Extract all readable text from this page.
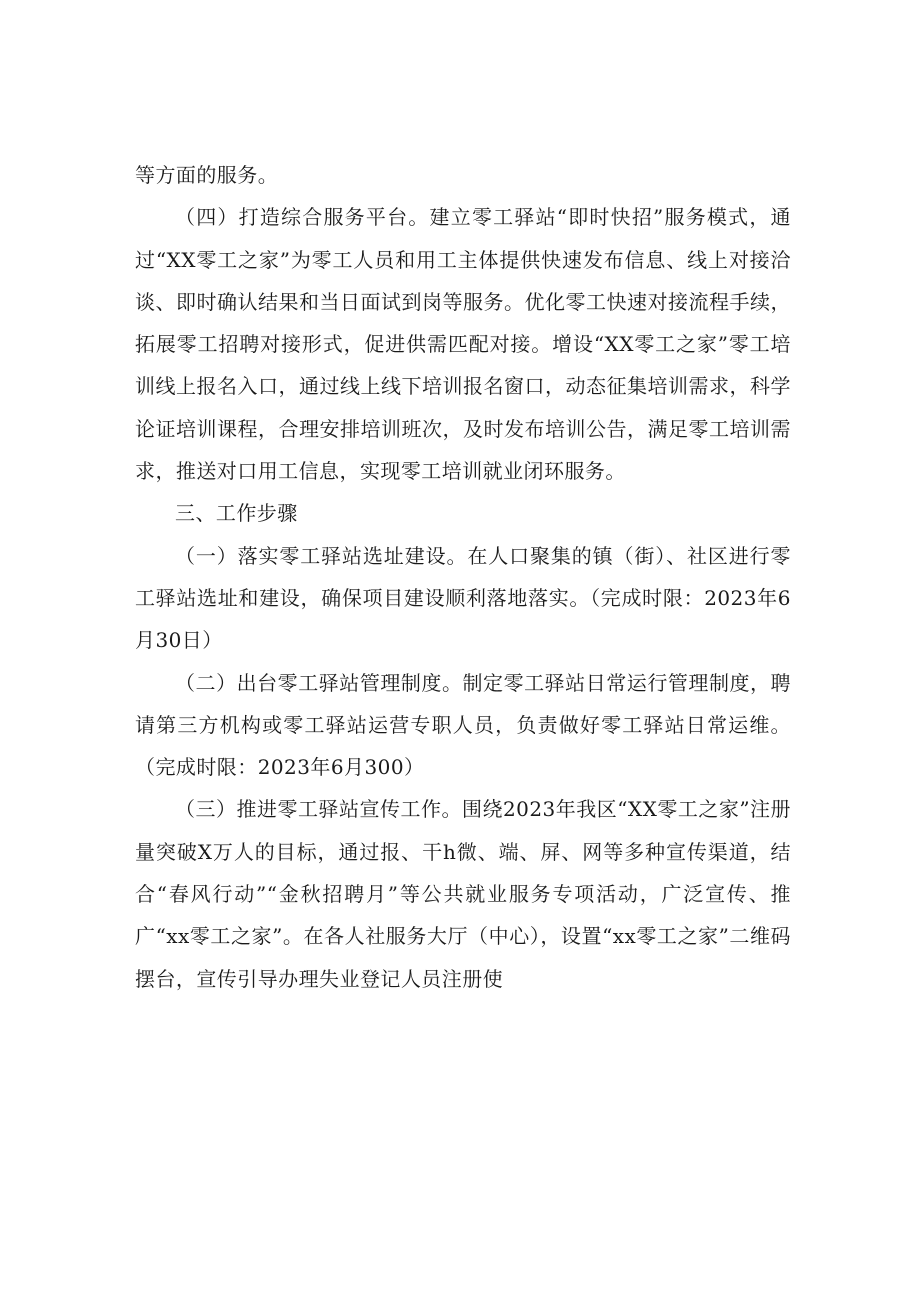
等方面的服务。

（四）打造综合服务平台。建立零工驿站“即时快招”服务模式，通过“XX零工之家”为零工人员和用工主体提供快速发布信息、线上对接洽谈、即时确认结果和当日面试到岗等服务。优化零工快速对接流程手续，拓展零工招聘对接形式，促进供需匹配对接。增设“XX零工之家”零工培训线上报名入口，通过线上线下培训报名窗口，动态征集培训需求，科学论证培训课程，合理安排培训班次，及时发布培训公告，满足零工培训需求，推送对口用工信息，实现零工培训就业闭环服务。

三、工作步骤

（一）落实零工驿站选址建设。在人口聚集的镇（街）、社区进行零工驿站选址和建设，确保项目建设顺利落地落实。（完成时限：2023年6月30日）

（二）出台零工驿站管理制度。制定零工驿站日常运行管理制度，聘请第三方机构或零工驿站运营专职人员，负责做好零工驿站日常运维。（完成时限：2023年6月300）

（三）推进零工驿站宣传工作。围绕2023年我区“XX零工之家”注册量突破X万人的目标，通过报、干h微、端、屏、网等多种宣传渠道，结合“春风行动”“金秋招聘月”等公共就业服务专项活动，广泛宣传、推广“xx零工之家”。在各人社服务大厅（中心），设置“xx零工之家”二维码摆台，宣传引导办理失业登记人员注册使
